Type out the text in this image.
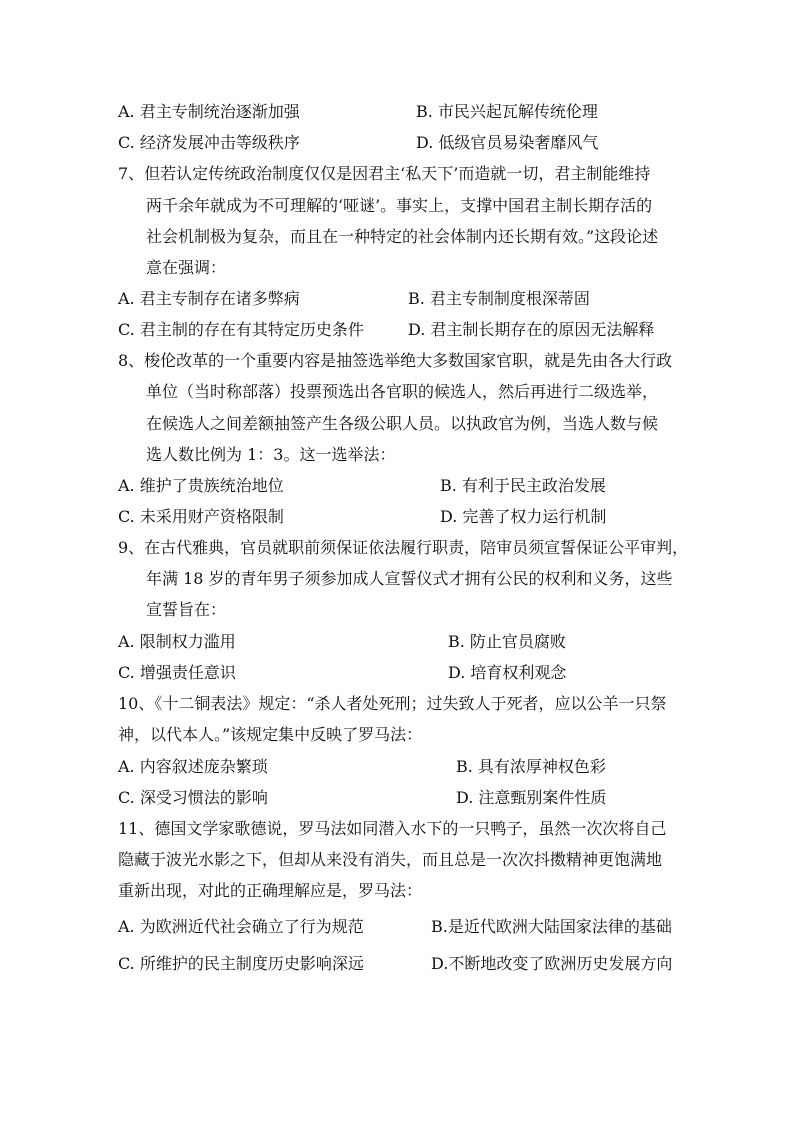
A. 君主专制统治逐渐加强	B. 市民兴起瓦解传统伦理
C. 经济发展冲击等级秩序	D. 低级官员易染奢靡风气
7、但若认定传统政治制度仅仅是因君主‘私天下’而造就一切，君主制能维持
两千余年就成为不可理解的‘哑谜’。事实上，支撑中国君主制长期存活的
社会机制极为复杂，而且在一种特定的社会体制内还长期有效。”这段论述
意在强调：
A. 君主专制存在诸多弊病	B. 君主专制制度根深蒂固
C. 君主制的存在有其特定历史条件	D. 君主制长期存在的原因无法解释
8、梭伦改革的一个重要内容是抽签选举绝大多数国家官职，就是先由各大行政
单位（当时称部落）投票预选出各官职的候选人，然后再进行二级选举，
在候选人之间差额抽签产生各级公职人员。以执政官为例，当选人数与候
选人数比例为 1：3。这一选举法：
A. 维护了贵族统治地位	B. 有利于民主政治发展
C. 未采用财产资格限制	D. 完善了权力运行机制
9、在古代雅典，官员就职前须保证依法履行职责，陪审员须宣誓保证公平审判，
年满 18 岁的青年男子须参加成人宣誓仪式才拥有公民的权利和义务，这些
宣誓旨在：
A. 限制权力滥用	B. 防止官员腐败
C. 增强责任意识	D. 培育权利观念
10、《十二铜表法》规定：“杀人者处死刑；过失致人于死者，应以公羊一只祭
神，以代本人。”该规定集中反映了罗马法：
A. 内容叙述庞杂繁琐	B. 具有浓厚神权色彩
C. 深受习惯法的影响	D. 注意甄别案件性质
11、德国文学家歌德说，罗马法如同潜入水下的一只鸭子，虽然一次次将自己
隐藏于波光水影之下，但却从来没有消失，而且总是一次次抖擞精神更饱满地
重新出现，对此的正确理解应是，罗马法：
A. 为欧洲近代社会确立了行为规范	B.是近代欧洲大陆国家法律的基础
C. 所维护的民主制度历史影响深远	D.不断地改变了欧洲历史发展方向
